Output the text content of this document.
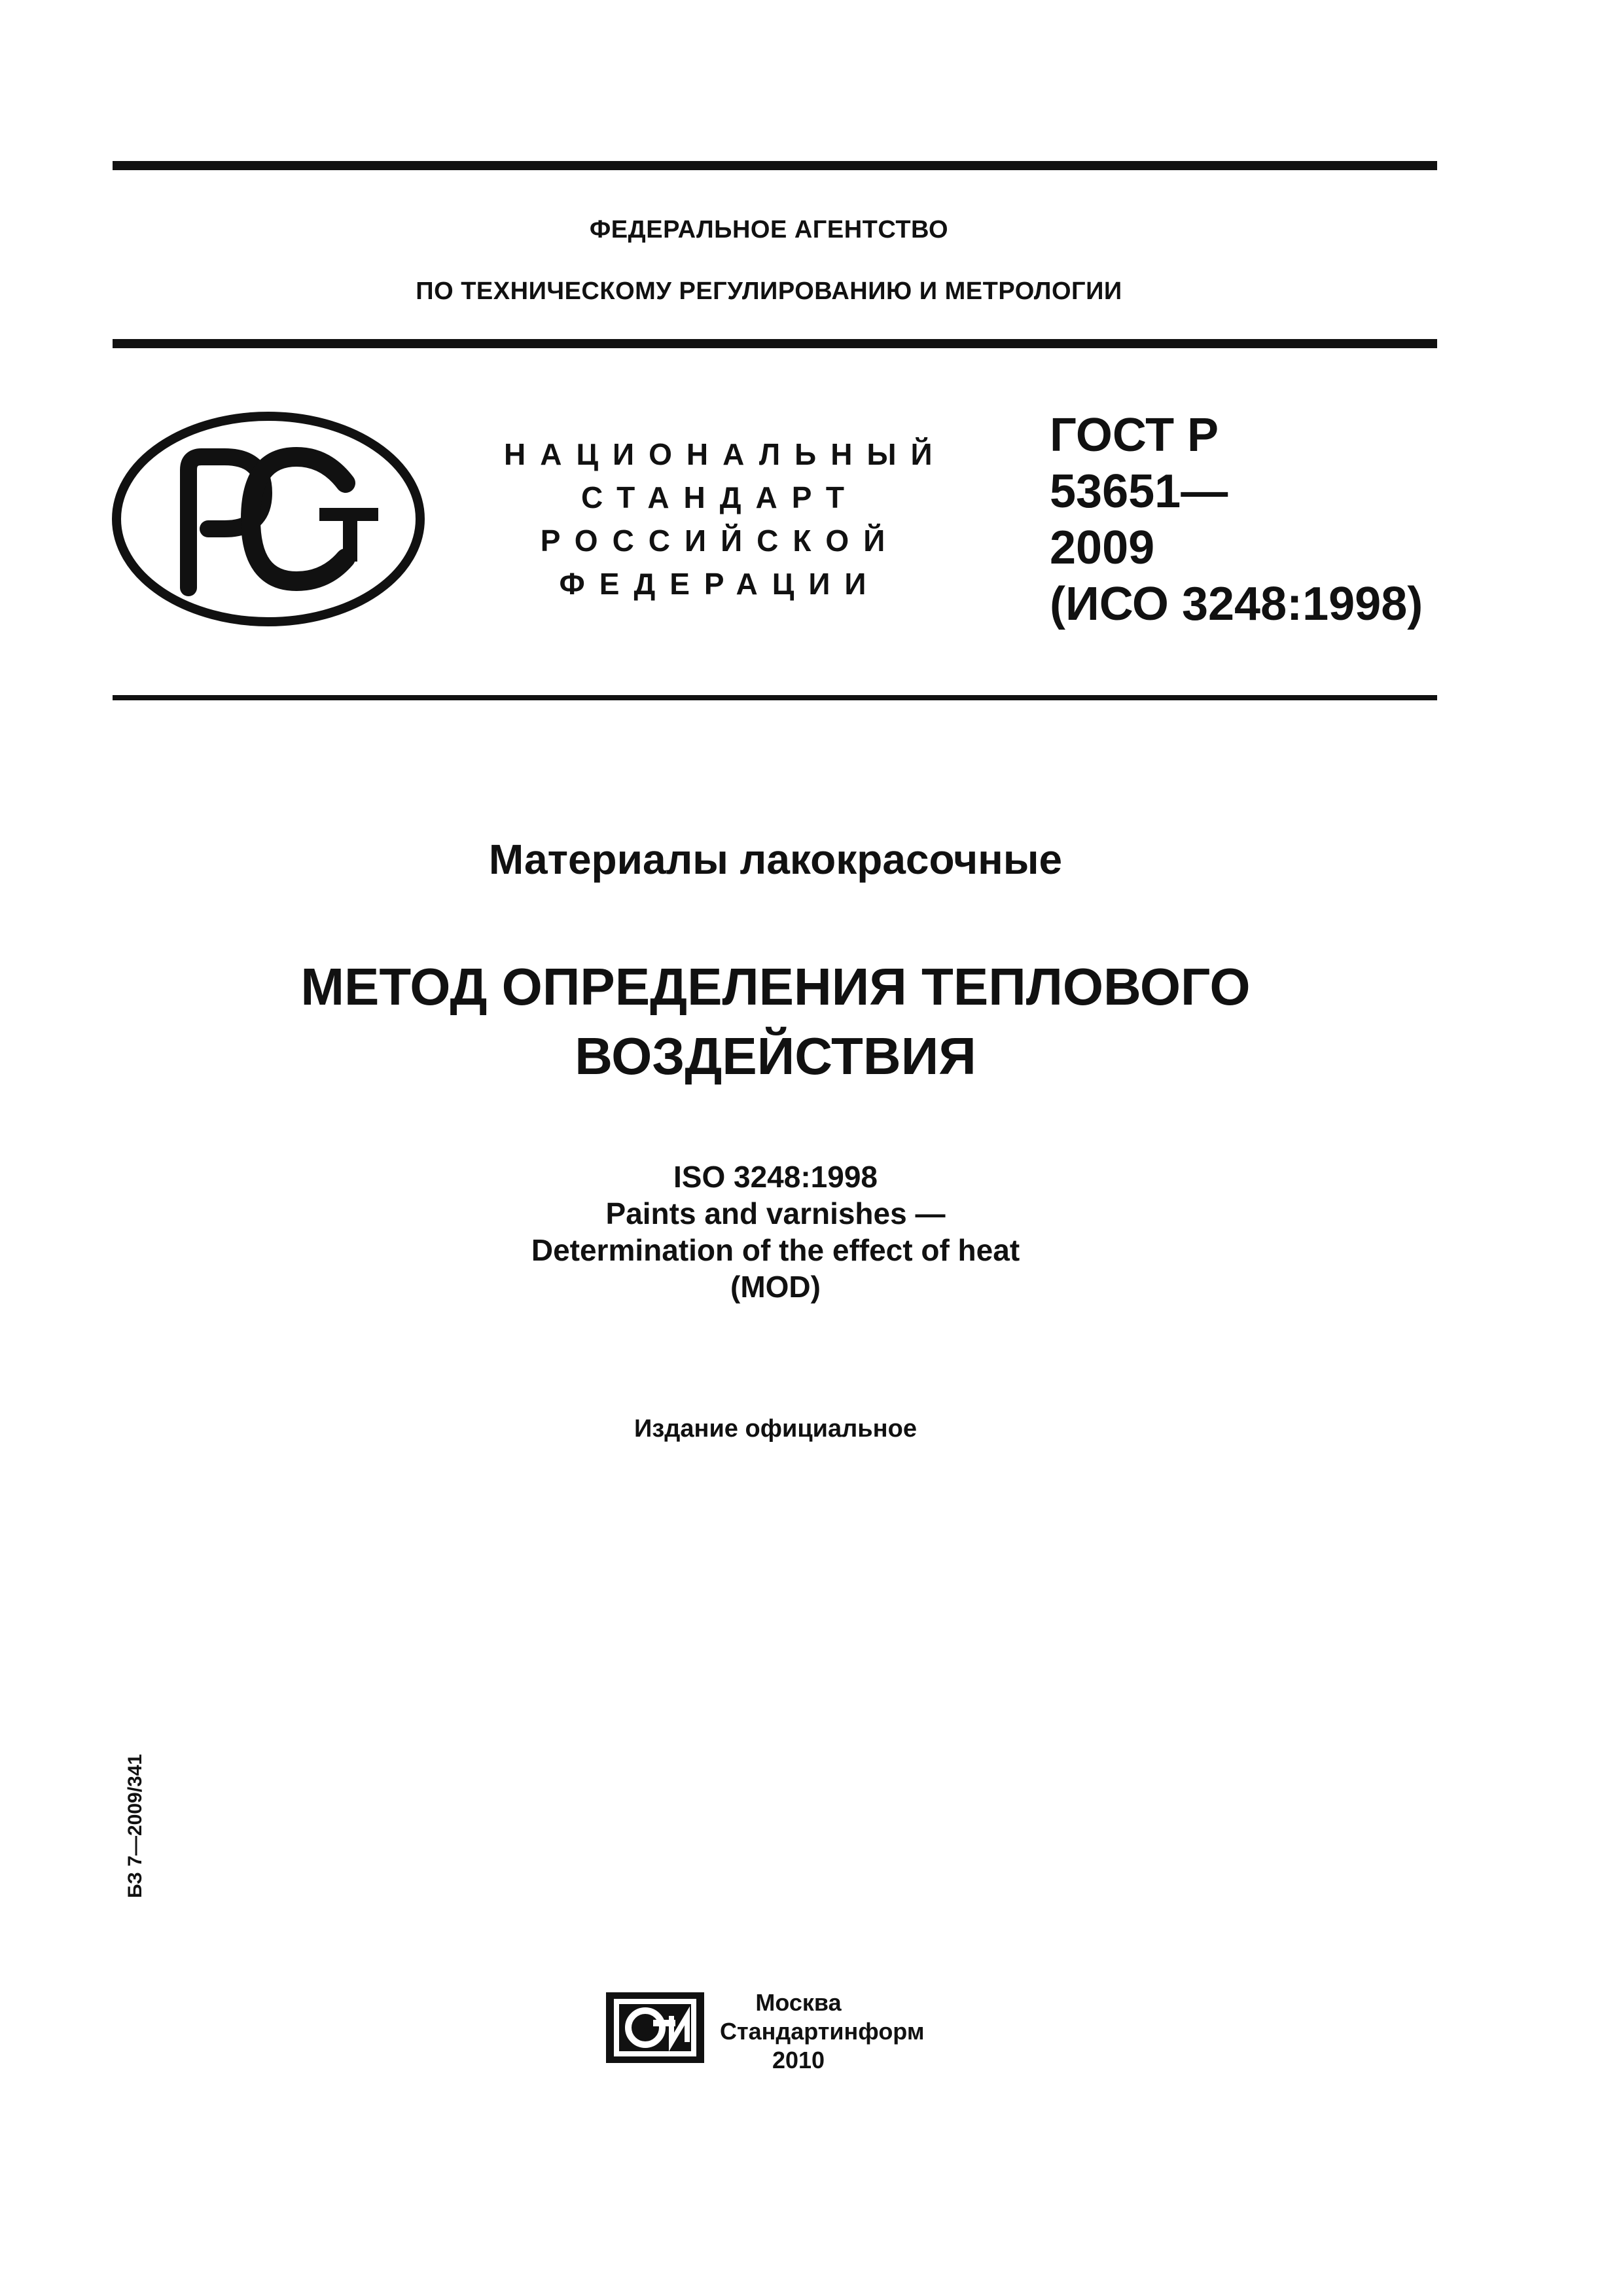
ФЕДЕРАЛЬНОЕ АГЕНТСТВО
ПО ТЕХНИЧЕСКОМУ РЕГУЛИРОВАНИЮ И МЕТРОЛОГИИ
НАЦИОНАЛЬНЫЙ
СТАНДАРТ
РОССИЙСКОЙ
ФЕДЕРАЦИИ
ГОСТ Р
53651—
2009
(ИСО 3248:1998)
Материалы лакокрасочные
МЕТОД ОПРЕДЕЛЕНИЯ ТЕПЛОВОГО
ВОЗДЕЙСТВИЯ
ISO 3248:1998
Paints and varnishes —
Determination of the effect of heat
(MOD)
Издание официальное
БЗ 7—2009/341
Москва
Стандартинформ
2010
